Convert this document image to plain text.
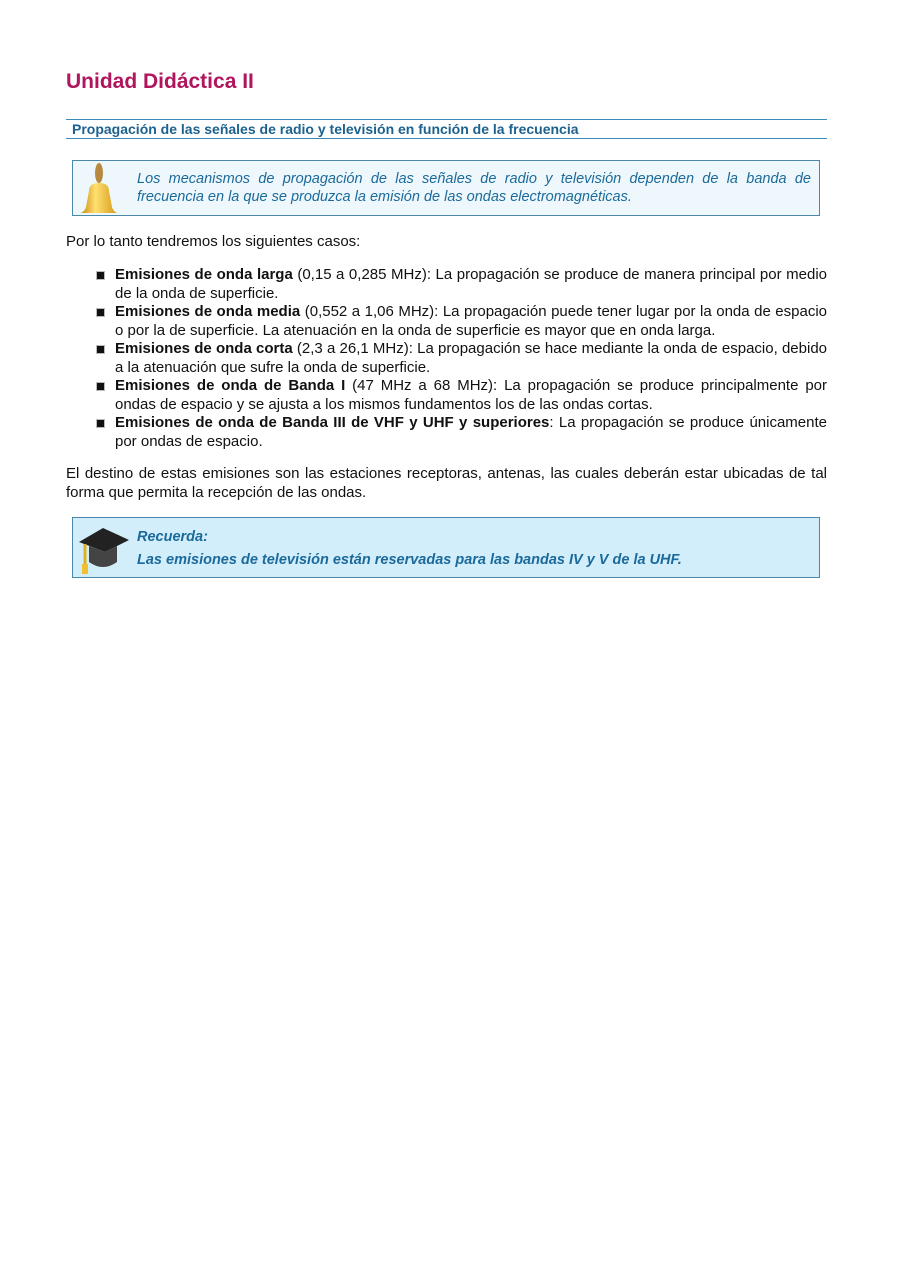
Unidad Didáctica II
Propagación de las señales de radio y televisión en función de la frecuencia
Los mecanismos de propagación de las señales de radio y televisión dependen de la banda de frecuencia en la que se produzca la emisión de las ondas electromagnéticas.

Por lo tanto tendremos los siguientes casos:

Emisiones de onda larga (0,15 a 0,285 MHz): La propagación se produce de manera principal por medio de la onda de superficie.
Emisiones de onda media (0,552 a 1,06 MHz): La propagación puede tener lugar por la onda de espacio o por la de superficie. La atenuación en la onda de superficie es mayor que en onda larga.
Emisiones de onda corta (2,3 a 26,1 MHz): La propagación se hace mediante la onda de espacio, debido a la atenuación que sufre la onda de superficie.
Emisiones de onda de Banda I (47 MHz a 68 MHz): La propagación se produce principalmente por ondas de espacio y se ajusta a los mismos fundamentos los de las ondas cortas.
Emisiones de onda de Banda III de VHF y UHF y superiores: La propagación se produce únicamente por ondas de espacio.

El destino de estas emisiones son las estaciones receptoras, antenas, las cuales deberán estar ubicadas de tal forma que permita la recepción de las ondas.

Recuerda:
Las emisiones de televisión están reservadas para las bandas IV y V de la UHF.
